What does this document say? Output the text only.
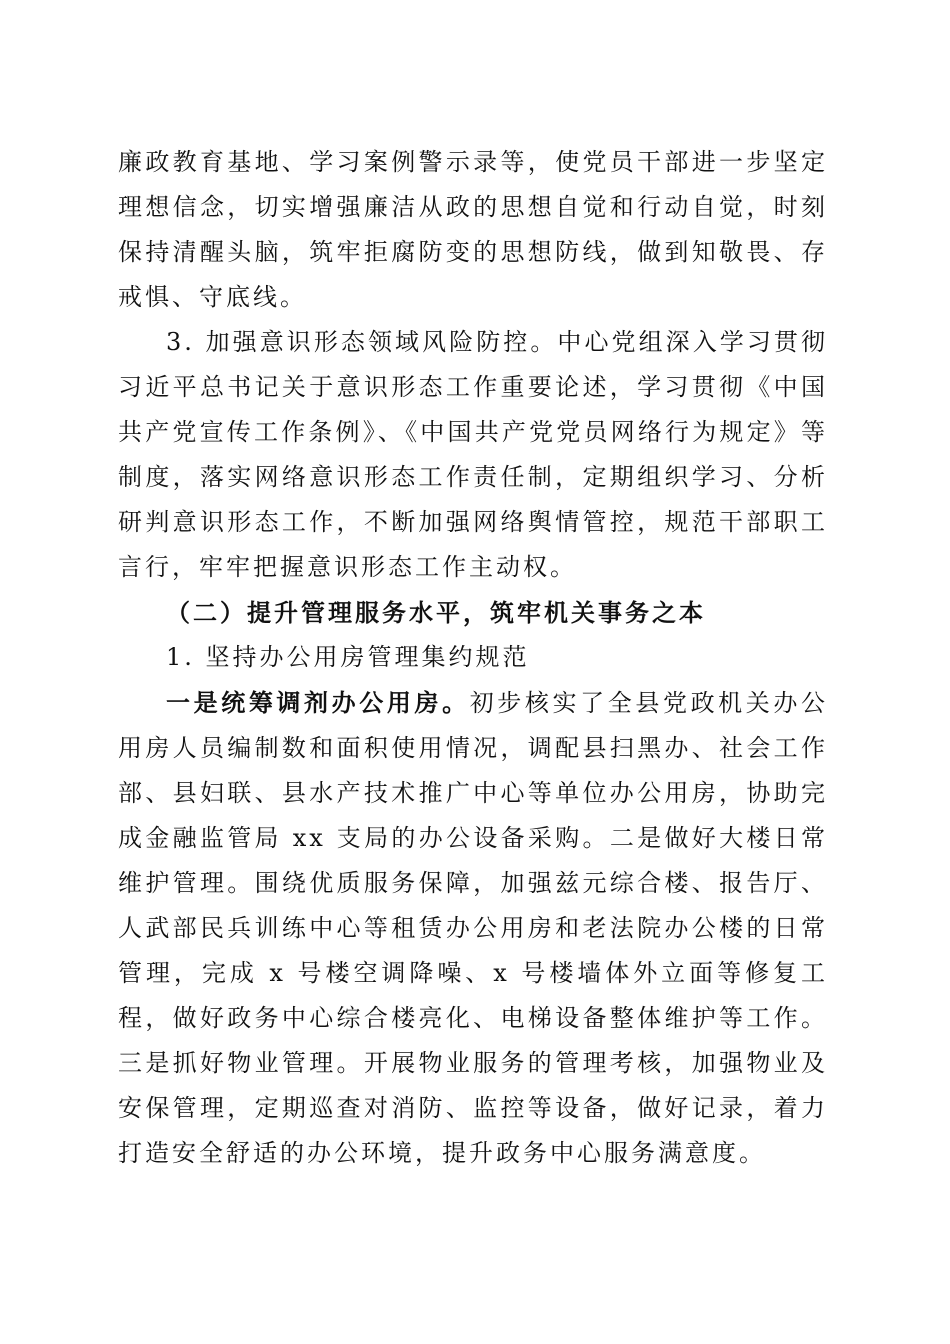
廉政教育基地、学习案例警示录等，使党员干部进一步坚定理想信念，切实增强廉洁从政的思想自觉和行动自觉，时刻保持清醒头脑，筑牢拒腐防变的思想防线，做到知敬畏、存戒惧、守底线。

3. 加强意识形态领域风险防控。中心党组深入学习贯彻习近平总书记关于意识形态工作重要论述，学习贯彻《中国共产党宣传工作条例》、《中国共产党党员网络行为规定》等制度，落实网络意识形态工作责任制，定期组织学习、分析研判意识形态工作，不断加强网络舆情管控，规范干部职工言行，牢牢把握意识形态工作主动权。

（二）提升管理服务水平，筑牢机关事务之本

1. 坚持办公用房管理集约规范

一是统筹调剂办公用房。初步核实了全县党政机关办公用房人员编制数和面积使用情况，调配县扫黑办、社会工作部、县妇联、县水产技术推广中心等单位办公用房，协助完成金融监管局 xx 支局的办公设备采购。二是做好大楼日常维护管理。围绕优质服务保障，加强兹元综合楼、报告厅、人武部民兵训练中心等租赁办公用房和老法院办公楼的日常管理，完成 x 号楼空调降噪、x 号楼墙体外立面等修复工程，做好政务中心综合楼亮化、电梯设备整体维护等工作。三是抓好物业管理。开展物业服务的管理考核，加强物业及安保管理，定期巡查对消防、监控等设备，做好记录，着力打造安全舒适的办公环境，提升政务中心服务满意度。
